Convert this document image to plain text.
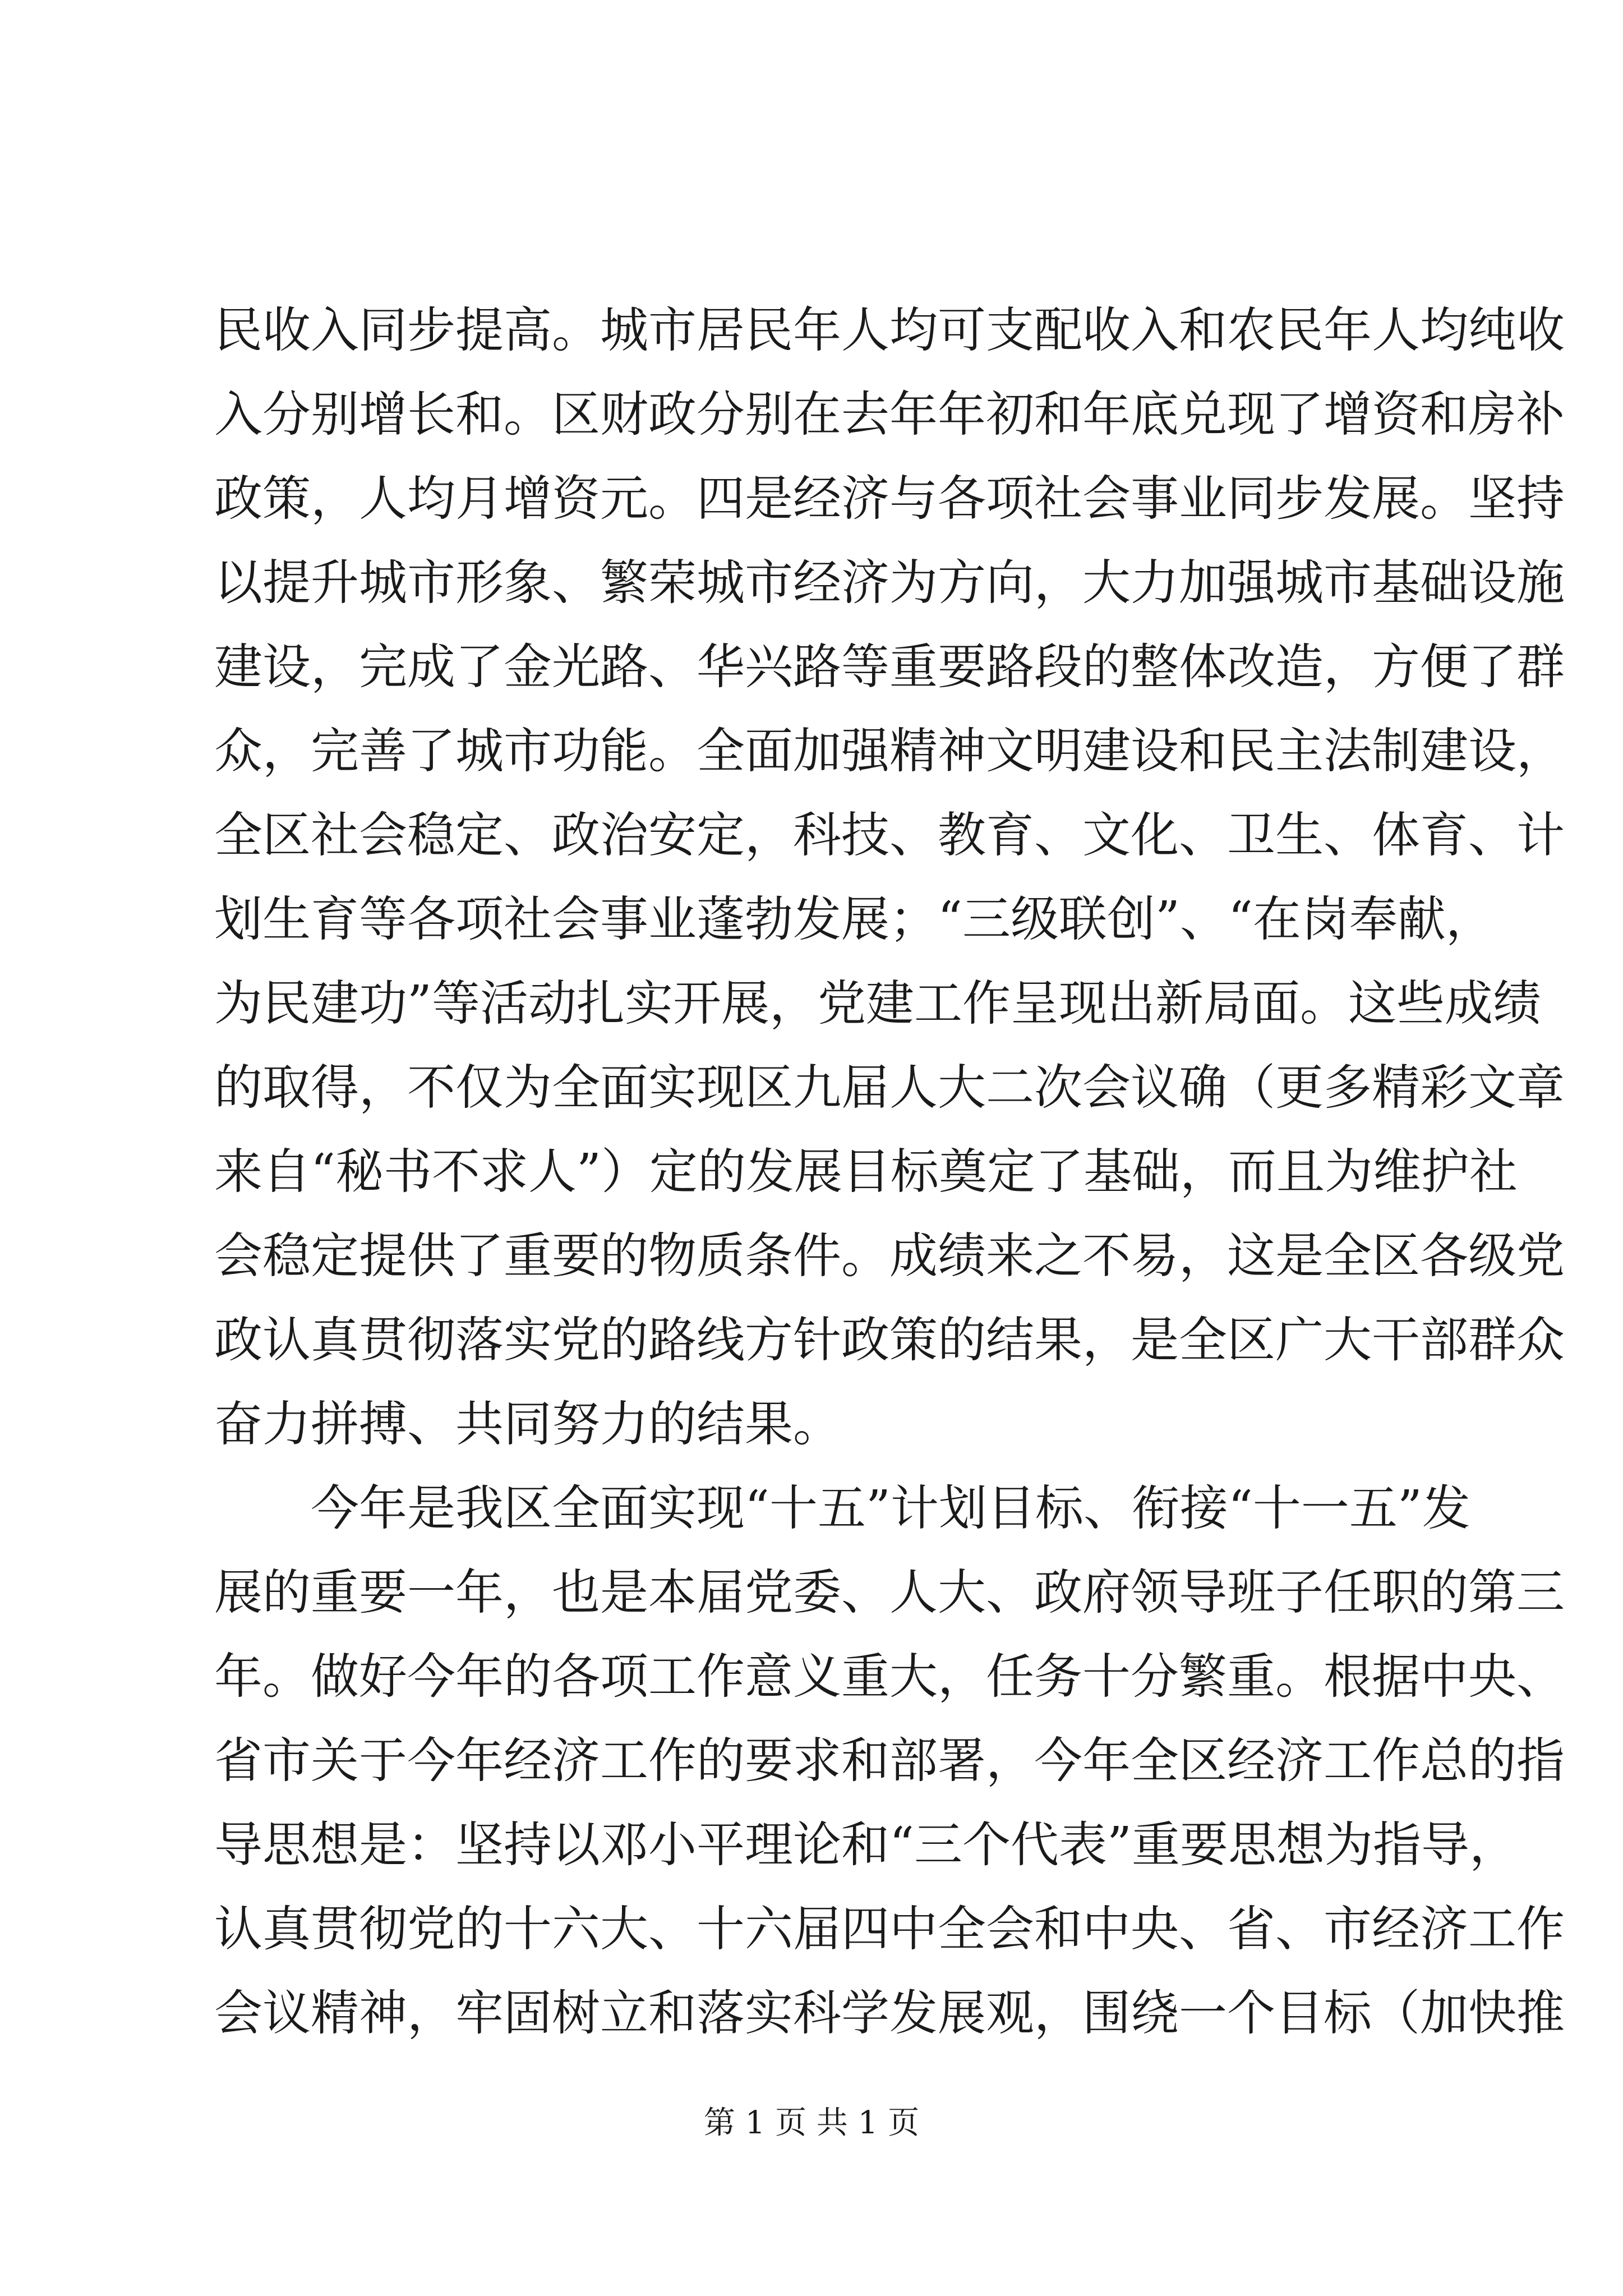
民 收 入 同 步 提 高 。 城 市 居 民 年 人 均 可 支 配 收 入 和 农 民 年 人 均 纯 收
入 分 别 增 长 和 。 区 财 政 分 别 在 去 年 年 初 和 年 底 兑 现 了 增 资 和 房 补
政 策 ， 人 均 月 增 资 元 。 四 是 经 济 与 各 项 社 会 事 业 同 步 发 展 。 坚 持
以 提 升 城 市 形 象 、 繁 荣 城 市 经 济 为 方 向 ， 大 力 加 强 城 市 基 础 设 施
建 设 ， 完 成 了 金 光 路 、 华 兴 路 等 重 要 路 段 的 整 体 改 造 ， 方 便 了 群
众 ， 完 善 了 城 市 功 能 。 全 面 加 强 精 神 文 明 建 设 和 民 主 法 制 建 设 ，
全 区 社 会 稳 定 、 政 治 安 定 ， 科 技 、 教 育 、 文 化 、 卫 生 、 体 育 、 计
划 生 育 等 各 项 社 会 事 业 蓬 勃 发 展 ； “ 三 级 联 创 ” 、 “ 在 岗 奉 献 ，
为 民 建 功 ” 等 活 动 扎 实 开 展 ， 党 建 工 作 呈 现 出 新 局 面 。 这 些 成 绩
的 取 得 ， 不 仅 为 全 面 实 现 区 九 届 人 大 二 次 会 议 确 （ 更 多 精 彩 文 章
来 自 “ 秘 书 不 求 人 ” ） 定 的 发 展 目 标 奠 定 了 基 础 ， 而 且 为 维 护 社
会 稳 定 提 供 了 重 要 的 物 质 条 件 。 成 绩 来 之 不 易 ， 这 是 全 区 各 级 党
政 认 真 贯 彻 落 实 党 的 路 线 方 针 政 策 的 结 果 ， 是 全 区 广 大 干 部 群 众
奋力拼搏、共同努力的结果。
今 年 是 我 区 全 面 实 现 “ 十 五 ” 计 划 目 标 、 衔 接 “ 十 一 五 ” 发
展 的 重 要 一 年 ， 也 是 本 届 党 委 、 人 大 、 政 府 领 导 班 子 任 职 的 第 三
年 。 做 好 今 年 的 各 项 工 作 意 义 重 大 ， 任 务 十 分 繁 重 。 根 据 中 央 、
省 市 关 于 今 年 经 济 工 作 的 要 求 和 部 署 ， 今 年 全 区 经 济 工 作 总 的 指
导 思 想 是 ： 坚 持 以 邓 小 平 理 论 和 “ 三 个 代 表 ” 重 要 思 想 为 指 导 ，
认 真 贯 彻 党 的 十 六 大 、 十 六 届 四 中 全 会 和 中 央 、 省 、 市 经 济 工 作
会 议 精 神 ， 牢 固 树 立 和 落 实 科 学 发 展 观 ， 围 绕 一 个 目 标 （ 加 快 推
第 1 页 共 1 页
